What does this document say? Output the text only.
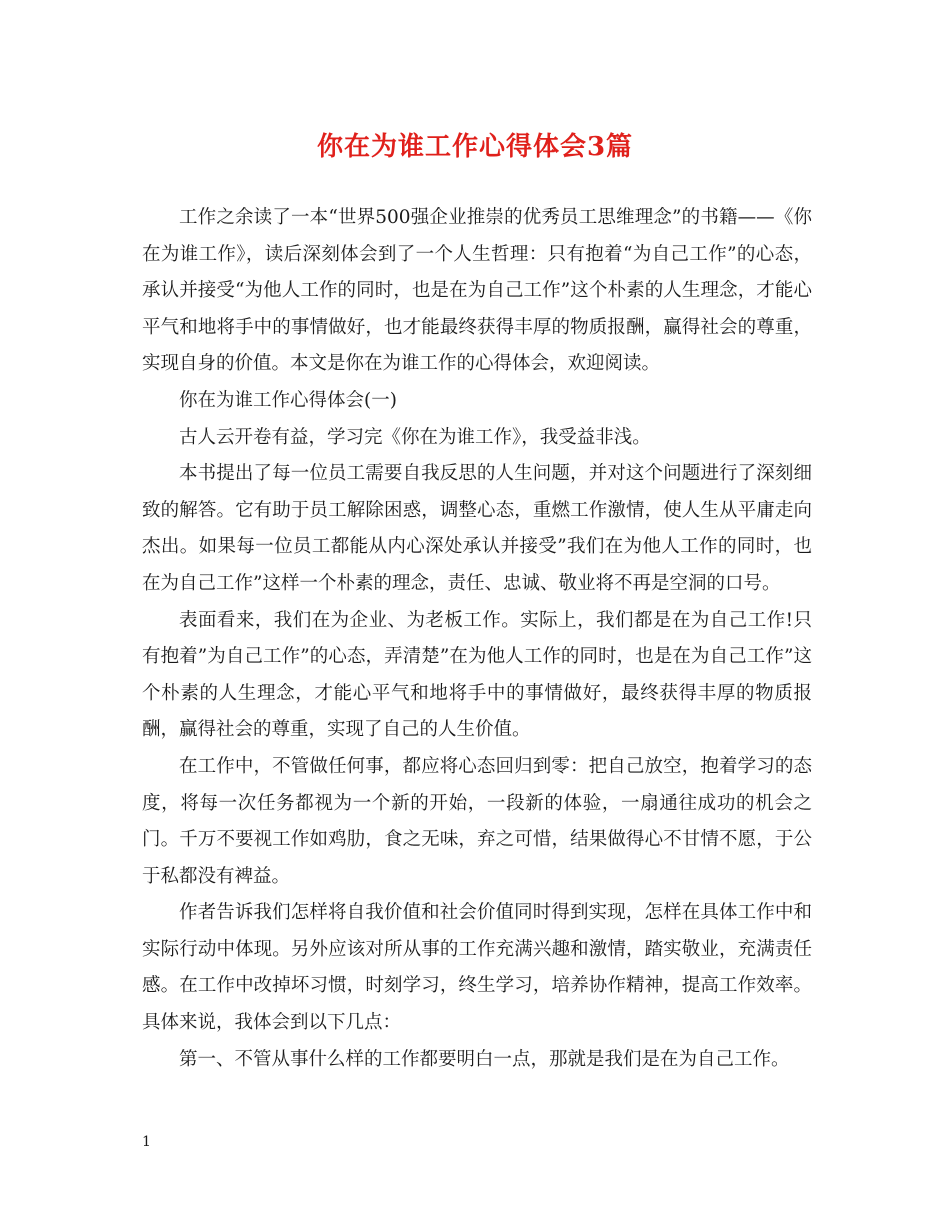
你在为谁工作心得体会3篇

工作之余读了一本“世界500强企业推崇的优秀员工思维理念”的书籍——《你在为谁工作》，读后深刻体会到了一个人生哲理：只有抱着“为自己工作”的心态，承认并接受“为他人工作的同时，也是在为自己工作”这个朴素的人生理念，才能心平气和地将手中的事情做好，也才能最终获得丰厚的物质报酬，赢得社会的尊重，实现自身的价值。本文是你在为谁工作的心得体会，欢迎阅读。

你在为谁工作心得体会(一)

古人云开卷有益，学习完《你在为谁工作》，我受益非浅。

本书提出了每一位员工需要自我反思的人生问题，并对这个问题进行了深刻细致的解答。它有助于员工解除困惑，调整心态，重燃工作激情，使人生从平庸走向杰出。如果每一位员工都能从内心深处承认并接受”我们在为他人工作的同时，也在为自己工作”这样一个朴素的理念，责任、忠诚、敬业将不再是空洞的口号。

表面看来，我们在为企业、为老板工作。实际上，我们都是在为自己工作!只有抱着”为自己工作”的心态，弄清楚”在为他人工作的同时，也是在为自己工作”这个朴素的人生理念，才能心平气和地将手中的事情做好，最终获得丰厚的物质报酬，赢得社会的尊重，实现了自己的人生价值。

在工作中，不管做任何事，都应将心态回归到零：把自己放空，抱着学习的态度，将每一次任务都视为一个新的开始，一段新的体验，一扇通往成功的机会之门。千万不要视工作如鸡肋，食之无味，弃之可惜，结果做得心不甘情不愿，于公于私都没有裨益。

作者告诉我们怎样将自我价值和社会价值同时得到实现，怎样在具体工作中和实际行动中体现。另外应该对所从事的工作充满兴趣和激情，踏实敬业，充满责任感。在工作中改掉坏习惯，时刻学习，终生学习，培养协作精神，提高工作效率。具体来说，我体会到以下几点：

第一、不管从事什么样的工作都要明白一点，那就是我们是在为自己工作。

1
